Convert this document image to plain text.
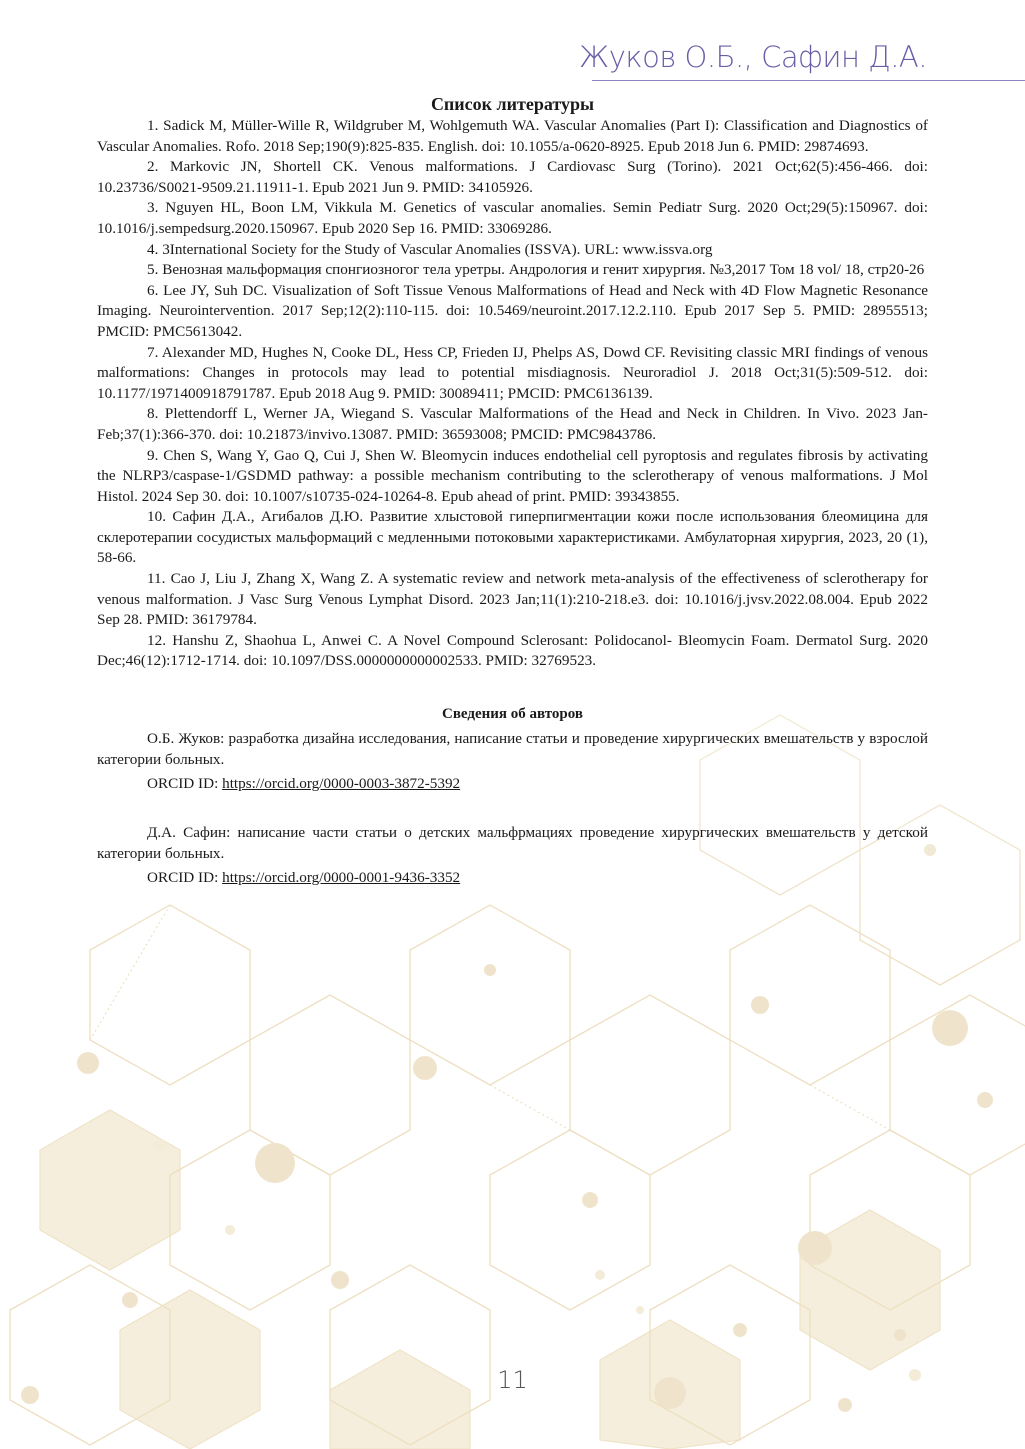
Жуков О.Б., Сафин Д.А.
Список литературы

1. Sadick M, Müller-Wille R, Wildgruber M, Wohlgemuth WA. Vascular Anomalies (Part I): Classification and Diagnostics of Vascular Anomalies. Rofo. 2018 Sep;190(9):825-835. English. doi: 10.1055/a-0620-8925. Epub 2018 Jun 6. PMID: 29874693.

2. Markovic JN, Shortell CK. Venous malformations. J Cardiovasc Surg (Torino). 2021 Oct;62(5):456-466. doi: 10.23736/S0021-9509.21.11911-1. Epub 2021 Jun 9. PMID: 34105926.

3. Nguyen HL, Boon LM, Vikkula M. Genetics of vascular anomalies. Semin Pediatr Surg. 2020 Oct;29(5):150967. doi: 10.1016/j.sempedsurg.2020.150967. Epub 2020 Sep 16. PMID: 33069286.

4. 3International Society for the Study of Vascular Anomalies (ISSVA). URL: www.issva.org

5. Венозная мальформация спонгиозногог тела уретры. Андрология и генит хирургия. №3,2017 Том 18 vol/ 18, стр20-26

6. Lee JY, Suh DC. Visualization of Soft Tissue Venous Malformations of Head and Neck with 4D Flow Magnetic Resonance Imaging. Neurointervention. 2017 Sep;12(2):110-115. doi: 10.5469/neuroint.2017.12.2.110. Epub 2017 Sep 5. PMID: 28955513; PMCID: PMC5613042.

7. Alexander MD, Hughes N, Cooke DL, Hess CP, Frieden IJ, Phelps AS, Dowd CF. Revisiting classic MRI findings of venous malformations: Changes in protocols may lead to potential misdiagnosis. Neuroradiol J. 2018 Oct;31(5):509-512. doi: 10.1177/1971400918791787. Epub 2018 Aug 9. PMID: 30089411; PMCID: PMC6136139.

8. Plettendorff L, Werner JA, Wiegand S. Vascular Malformations of the Head and Neck in Children. In Vivo. 2023 Jan-Feb;37(1):366-370. doi: 10.21873/invivo.13087. PMID: 36593008; PMCID: PMC9843786.

9. Chen S, Wang Y, Gao Q, Cui J, Shen W. Bleomycin induces endothelial cell pyroptosis and regulates fibrosis by activating the NLRP3/caspase-1/GSDMD pathway: a possible mechanism contributing to the sclerotherapy of venous malformations. J Mol Histol. 2024 Sep 30. doi: 10.1007/s10735-024-10264-8. Epub ahead of print. PMID: 39343855.

10. Сафин Д.А., Агибалов Д.Ю. Развитие хлыстовой гиперпигментации кожи после использования блеомицина для склеротерапии сосудистых мальформаций с медленными потоковыми характеристиками. Амбулаторная хирургия, 2023, 20 (1), 58-66.

11. Cao J, Liu J, Zhang X, Wang Z. A systematic review and network meta-analysis of the effectiveness of sclerotherapy for venous malformation. J Vasc Surg Venous Lymphat Disord. 2023 Jan;11(1):210-218.e3. doi: 10.1016/j.jvsv.2022.08.004. Epub 2022 Sep 28. PMID: 36179784.

12. Hanshu Z, Shaohua L, Anwei C. A Novel Compound Sclerosant: Polidocanol- Bleomycin Foam. Dermatol Surg. 2020 Dec;46(12):1712-1714. doi: 10.1097/DSS.0000000000002533. PMID: 32769523.

Сведения об авторов

О.Б. Жуков: разработка дизайна исследования, написание статьи и проведение хирургических вмешательств у взрослой категории больных.

ORCID ID: https://orcid.org/0000-0003-3872-5392

Д.А. Сафин: написание части статьи о детских мальфрмациях проведение хирургических вмешательств у детской категории больных.

ORCID ID: https://orcid.org/0000-0001-9436-3352

11
